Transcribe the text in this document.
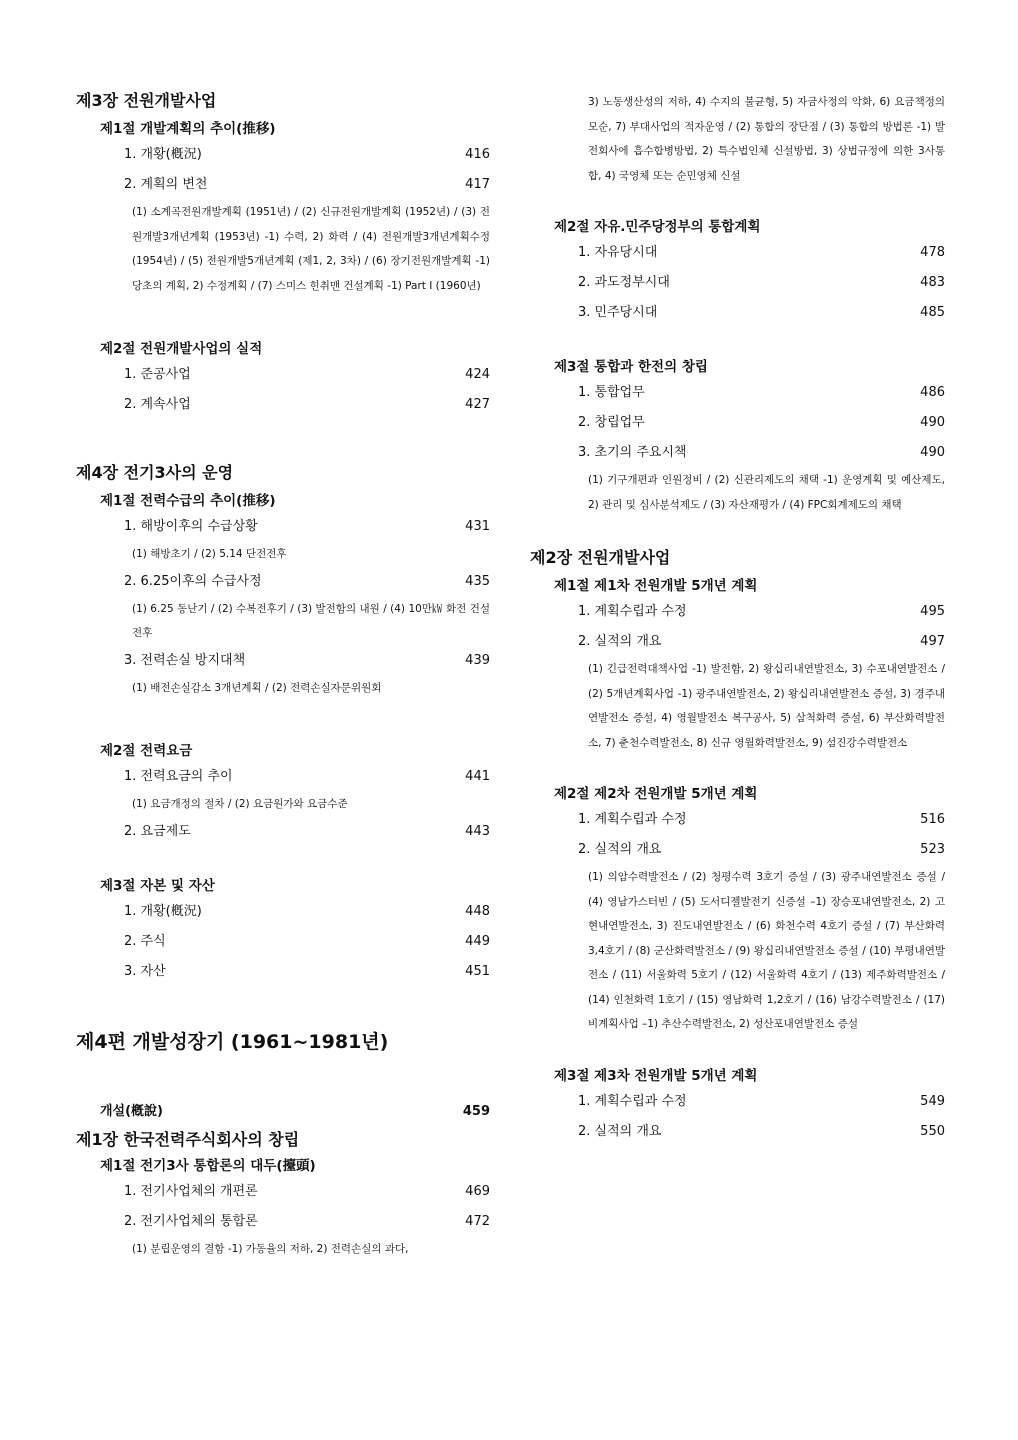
제3장 전원개발사업
제1절 개발계획의 추이(推移)
1. 개황(槪況)	416
2. 계획의 변천	417

(1) 소계곡전원개발계획 (1951년) / (2) 신규전원개발계획 (1952년) / (3) 전원개발3개년계획 (1953년) -1) 수력, 2) 화력 / (4) 전원개발3개년계획수정 (1954년) / (5) 전원개발5개년계획 (제1, 2, 3차) / (6) 장기전원개발계획 -1) 당초의 계획, 2) 수정계획 / (7) 스미스 힌취맨 건설계획 -1) Part Ⅰ (1960년)

제2절 전원개발사업의 실적
1. 준공사업	424
2. 계속사업	427
제4장 전기3사의 운영
제1절 전력수급의 추이(推移)
1. 해방이후의 수급상황	431

(1) 해방초기 / (2) 5.14 단전전후

2. 6.25이후의 수급사정	435

(1) 6.25 동난기 / (2) 수복전후기 / (3) 발전함의 내원 / (4) 10만㎾ 화전 건설전후

3. 전력손실 방지대책	439

(1) 배전손실감소 3개년계획 / (2) 전력손실자문위원회

제2절 전력요금
1. 전력요금의 추이	441

(1) 요금개정의 절차 / (2) 요금원가와 요금수준

2. 요금제도	443
제3절 자본 및 자산
1. 개황(槪況)	448
2. 주식	449
3. 자산	451
제4편 개발성장기 (1961~1981년)
개설(槪說)	459
제1장 한국전력주식회사의 창립
제1절 전기3사 통합론의 대두(擡頭)
1. 전기사업체의 개편론	469
2. 전기사업체의 통합론	472

(1) 분립운영의 결함 -1) 가동율의 저하, 2) 전력손실의 과다,

3) 노동생산성의 저하, 4) 수지의 불균형, 5) 자금사정의 악화, 6) 요금책정의 모순, 7) 부대사업의 적자운영 / (2) 통합의 장단점 / (3) 통합의 방법론 -1) 발전회사에 흡수합병방법, 2) 특수법인체 신설방법, 3) 상법규정에 의한 3사통합, 4) 국영체 또는 순민영체 신설

제2절 자유.민주당정부의 통합계획
1. 자유당시대	478
2. 과도정부시대	483
3. 민주당시대	485
제3절 통합과 한전의 창립
1. 통합업무	486
2. 창립업무	490
3. 초기의 주요시책	490

(1) 기구개편과 인원정비 / (2) 신관리제도의 채택 -1) 운영계획 및 예산제도, 2) 관리 및 심사분석제도 / (3) 자산재평가 / (4) FPC회계제도의 채택

제2장 전원개발사업
제1절 제1차 전원개발 5개년 계획
1. 계획수립과 수정	495
2. 실적의 개요	497

(1) 긴급전력대책사업 -1) 발전함, 2) 왕십리내연발전소, 3) 수포내연발전소 / (2) 5개년계획사업 -1) 광주내연발전소, 2) 왕십리내연발전소 증설, 3) 경주내연발전소 증설, 4) 영월발전소 복구공사, 5) 삼척화력 증설, 6) 부산화력발전소, 7) 춘천수력발전소, 8) 신규 영월화력발전소, 9) 섬진강수력발전소

제2절 제2차 전원개발 5개년 계획
1. 계획수립과 수정	516
2. 실적의 개요	523

(1) 의암수력발전소 / (2) 청평수력 3호기 증설 / (3) 광주내연발전소 증설 / (4) 영남가스터빈 / (5) 도서디젤발전기 신증설 –1) 장승포내연발전소, 2) 고현내연발전소, 3) 진도내연발전소 / (6) 화천수력 4호기 증설 / (7) 부산화력 3,4호기 / (8) 군산화력발전소 / (9) 왕십리내연발전소 증설 / (10) 부평내연발전소 / (11) 서울화력 5호기 / (12) 서울화력 4호기 / (13) 제주화력발전소 / (14) 인천화력 1호기 / (15) 영남화력 1,2호기 / (16) 남강수력발전소 / (17) 비계획사업 –1) 추산수력발전소, 2) 성산포내연발전소 증설

제3절 제3차 전원개발 5개년 계획
1. 계획수립과 수정	549
2. 실적의 개요	550
